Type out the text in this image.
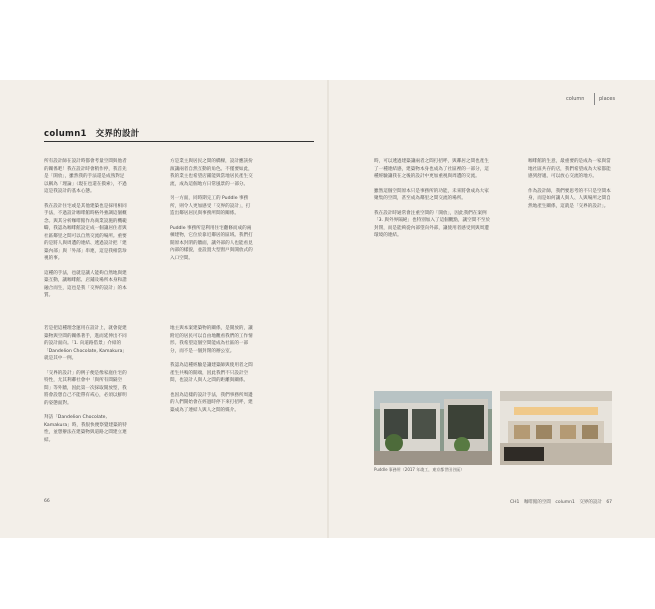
column	places
column1　交界的設計

所有設計師在設計時都會考量空間與他者的關係吧！我在設計時會稍作停，我首先是「開放」，雖然我的手法還是成熟對足以稱為「理論」（現在也還在摸索），不過這是我設計的基本心態。

我在設計住宅或是其他建築也是採用相同手法，不過設計咖啡館時格外強調這個概念。與其分析咖啡館作為商業設施的機範疇，我認為咖啡館設定成一個讓居住者與社區鄰里之間可以自然交流的場所。重要的是將人與周遭的連結、透過設計把「建築內部」與「外部」串連，這是我相當珍視的事。

這種的手法，也就是讓人能夠自然地與建築互動，讓咖啡館、店鋪及場所本身和諧融合而生，這也是我「交界的設計」的本質。

若是把這種理念運用在設計上，就會從建築物與空間的關係著手，進而延伸出不同的設計面向。「1. 向道路借景」介紹的「Dandelion Chocolate, Kamakura」就是其中一例。

「交界的設計」的例子便是像家庭住宅的特性，尤其利鄰社會中「與所有間隔空間」等外牆，因此第一次採取開放型，我將會設想自己不能帶有戒心，必須以鮮明的姿態面對。

拜訪「Dandelion Chocolate, Kamakura」時，我很快便察覺建築的特性，並想辦法在建築物與道路之間建立連結。

方是業主與居民之間的橋樑，設計應該扮演讓兩者自然互動的角色。不僅要如此，我的業主也希望店鋪能與當地居民產生交流，成為這個地方日常風景的一部分。

另一方面，同時期完工的 Puddle 事務所，則令人更加感受「交界的設計」，打造出鄰居居民與事務所間的關係。

Puddle 事務所是利用住宅翻修而成的兩棟建物，它位於靠近鄰居的區域。我們打開原本封閉的牆面，讓外部的人也能看見內部的樣貌，並設置大型窗戶與開放式的入口空間。

地主與本案建築物的關係，是開放的，讓附近的居民可以自由地觀看我們的工作情形。我希望這個空間能成為社區的一部分，而不是一個封閉的辦公室。

我認為這種經驗是讓建築師與使用者之間產生共鳴的開端，因此我們不只設計空間，也設計人與人之間的距離與關係。

也因為這樣的設計手法，我們事務所周邊的人們開始會在經過時停下來打招呼，建築成為了連結人與人之間的媒介。

時，可以透過建築讓兩者之間打招呼，與鄰居之間也產生了一種連結感，建築物本身也成為了社區裡的一部分，這種經驗讓我在之後的設計中更加重視與周遭的交流。

雖然這個空間原本只是事務所的功能，未來將會成為大家聚集的空間，甚至成為鄰里之間交流的場所。

我在設計時通常會注重空間的「開放」，因此我們在案例「3. 與外界隔絕」也特別加入了這個觀點，讓空間不至於封閉，而是能夠從內部望向外部，讓使用者感受到與周遭環境的連結。

咖啡館的生意，最重要的是成為一家與當地社區共存的店，我們希望成為大家都能感到舒適、可以放心交流的地方。

作為設計師，我們要思考的不只是空間本身，而是如何讓人與人、人與場所之間自然地產生關係，這就是「交界的設計」。

Puddle 事務所（2017 年竣工，東京都世田谷區）
66	CH1　咖啡館的空間　column1　交界的設計　67
